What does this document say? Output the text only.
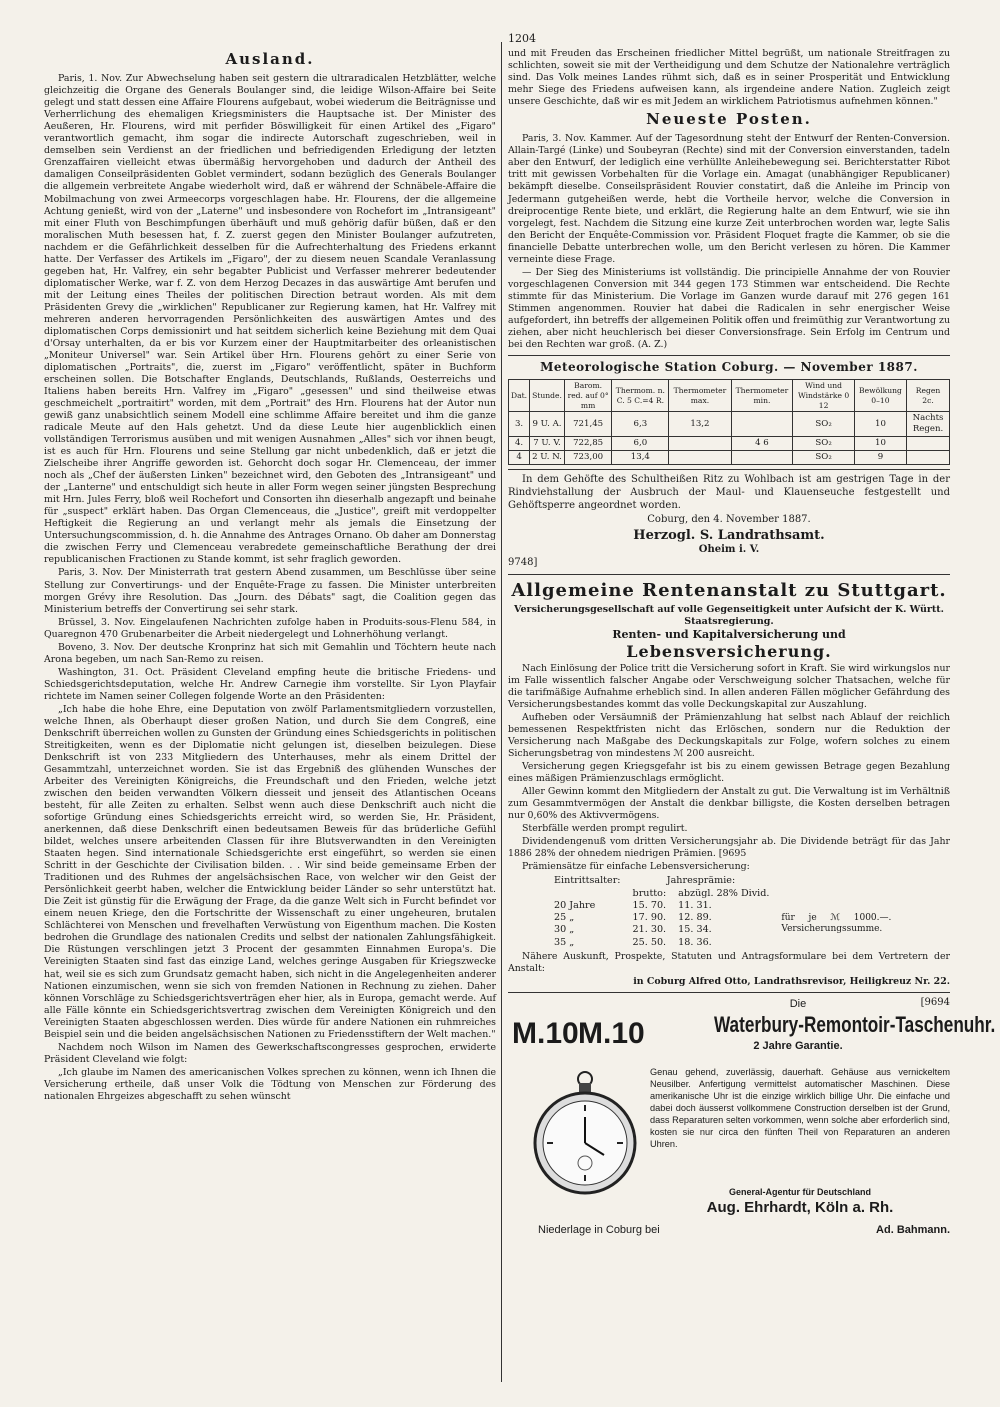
1204
Ausland.

Paris, 1. Nov. Zur Abwechselung haben seit gestern die ultraradicalen Hetzblätter, welche gleichzeitig die Organe des Generals Boulanger sind, die leidige Wilson-Affaire bei Seite gelegt und statt dessen eine Affaire Flourens aufgebaut, wobei wiederum die Beiträgnisse und Verherrlichung des ehemaligen Kriegsministers die Hauptsache ist. Der Minister des Aeußeren, Hr. Flourens, wird mit perfider Böswilligkeit für einen Artikel des „Figaro" verantwortlich gemacht, ihm sogar die indirecte Autorschaft zugeschrieben, weil in demselben sein Verdienst an der friedlichen und befriedigenden Erledigung der letzten Grenzaffairen vielleicht etwas übermäßig hervorgehoben und dadurch der Antheil des damaligen Conseilpräsidenten Goblet vermindert, sodann bezüglich des Generals Boulanger die allgemein verbreitete Angabe wiederholt wird, daß er während der Schnäbele-Affaire die Mobilmachung von zwei Armeecorps vorgeschlagen habe. Hr. Flourens, der die allgemeine Achtung genießt, wird von der „Laterne" und insbesondere von Rochefort im „Intransigeant" mit einer Fluth von Beschimpfungen überhäuft und muß gehörig dafür büßen, daß er den moralischen Muth besessen hat, f. Z. zuerst gegen den Minister Boulanger aufzutreten, nachdem er die Gefährlichkeit desselben für die Aufrechterhaltung des Friedens erkannt hatte. Der Verfasser des Artikels im „Figaro", der zu diesem neuen Scandale Veranlassung gegeben hat, Hr. Valfrey, ein sehr begabter Publicist und Verfasser mehrerer bedeutender diplomatischer Werke, war f. Z. von dem Herzog Decazes in das auswärtige Amt berufen und mit der Leitung eines Theiles der politischen Direction betraut worden. Als mit dem Präsidenten Grevy die „wirklichen" Republicaner zur Regierung kamen, hat Hr. Valfrey mit mehreren anderen hervorragenden Persönlichkeiten des auswärtigen Amtes und des diplomatischen Corps demissionirt und hat seitdem sicherlich keine Beziehung mit dem Quai d'Orsay unterhalten, da er bis vor Kurzem einer der Hauptmitarbeiter des orleanistischen „Moniteur Universel" war. Sein Artikel über Hrn. Flourens gehört zu einer Serie von diplomatischen „Portraits", die, zuerst im „Figaro" veröffentlicht, später in Buchform erscheinen sollen. Die Botschafter Englands, Deutschlands, Rußlands, Oesterreichs und Italiens haben bereits Hrn. Valfrey im „Figaro" „gesessen" und sind theilweise etwas geschmeichelt „portraitirt" worden, mit dem „Portrait" des Hrn. Flourens hat der Autor nun gewiß ganz unabsichtlich seinem Modell eine schlimme Affaire bereitet und ihm die ganze radicale Meute auf den Hals gehetzt. Und da diese Leute hier augenblicklich einen vollständigen Terrorismus ausüben und mit wenigen Ausnahmen „Alles" sich vor ihnen beugt, ist es auch für Hrn. Flourens und seine Stellung gar nicht unbedenklich, daß er jetzt die Zielscheibe ihrer Angriffe geworden ist. Gehorcht doch sogar Hr. Clemenceau, der immer noch als „Chef der äußersten Linken" bezeichnet wird, den Geboten des „Intransigeant" und der „Lanterne" und entschuldigt sich heute in aller Form wegen seiner jüngsten Besprechung mit Hrn. Jules Ferry, bloß weil Rochefort und Consorten ihn dieserhalb angezapft und beinahe für „suspect" erklärt haben. Das Organ Clemenceaus, die „Justice", greift mit verdoppelter Heftigkeit die Regierung an und verlangt mehr als jemals die Einsetzung der Untersuchungscommission, d. h. die Annahme des Antrages Ornano. Ob daher am Donnerstag die zwischen Ferry und Clemenceau verabredete gemeinschaftliche Berathung der drei republicanischen Fractionen zu Stande kommt, ist sehr fraglich geworden.

Paris, 3. Nov. Der Ministerrath trat gestern Abend zusammen, um Beschlüsse über seine Stellung zur Convertirungs- und der Enquête-Frage zu fassen. Die Minister unterbreiten morgen Grévy ihre Resolution. Das „Journ. des Débats" sagt, die Coalition gegen das Ministerium betreffs der Convertirung sei sehr stark.

Brüssel, 3. Nov. Eingelaufenen Nachrichten zufolge haben in Produits-sous-Flenu 584, in Quaregnon 470 Grubenarbeiter die Arbeit niedergelegt und Lohnerhöhung verlangt.

Boveno, 3. Nov. Der deutsche Kronprinz hat sich mit Gemahlin und Töchtern heute nach Arona begeben, um nach San-Remo zu reisen.

Washington, 31. Oct. Präsident Cleveland empfing heute die britische Friedens- und Schiedsgerichtsdeputation, welche Hr. Andrew Carnegie ihm vorstellte. Sir Lyon Playfair richtete im Namen seiner Collegen folgende Worte an den Präsidenten:

„Ich habe die hohe Ehre, eine Deputation von zwölf Parlamentsmitgliedern vorzustellen, welche Ihnen, als Oberhaupt dieser großen Nation, und durch Sie dem Congreß, eine Denkschrift überreichen wollen zu Gunsten der Gründung eines Schiedsgerichts in politischen Streitigkeiten, wenn es der Diplomatie nicht gelungen ist, dieselben beizulegen. Diese Denkschrift ist von 233 Mitgliedern des Unterhauses, mehr als einem Drittel der Gesammtzahl, unterzeichnet worden. Sie ist das Ergebniß des glühenden Wunsches der Arbeiter des Vereinigten Königreichs, die Freundschaft und den Frieden, welche jetzt zwischen den beiden verwandten Völkern diesseit und jenseit des Atlantischen Oceans besteht, für alle Zeiten zu erhalten. Selbst wenn auch diese Denkschrift auch nicht die sofortige Gründung eines Schiedsgerichts erreicht wird, so werden Sie, Hr. Präsident, anerkennen, daß diese Denkschrift einen bedeutsamen Beweis für das brüderliche Gefühl bildet, welches unsere arbeitenden Classen für ihre Blutsverwandten in den Vereinigten Staaten hegen. Sind internationale Schiedsgerichte erst eingeführt, so werden sie einen Schritt in der Geschichte der Civilisation bilden. . . Wir sind beide gemeinsame Erben der Traditionen und des Ruhmes der angelsächsischen Race, von welcher wir den Geist der Persönlichkeit geerbt haben, welcher die Entwicklung beider Länder so sehr unterstützt hat. Die Zeit ist günstig für die Erwägung der Frage, da die ganze Welt sich in Furcht befindet vor einem neuen Kriege, den die Fortschritte der Wissenschaft zu einer ungeheuren, brutalen Schlächterei von Menschen und frevelhaften Verwüstung von Eigenthum machen. Die Kosten bedrohen die Grundlage des nationalen Credits und selbst der nationalen Zahlungsfähigkeit. Die Rüstungen verschlingen jetzt 3 Procent der gesammten Einnahmen Europa's. Die Vereinigten Staaten sind fast das einzige Land, welches geringe Ausgaben für Kriegszwecke hat, weil sie es sich zum Grundsatz gemacht haben, sich nicht in die Angelegenheiten anderer Nationen einzumischen, wenn sie sich von fremden Nationen in Rechnung zu ziehen. Daher können Vorschläge zu Schiedsgerichtsverträgen eher hier, als in Europa, gemacht werde. Auf alle Fälle könnte ein Schiedsgerichtsvertrag zwischen dem Vereinigten Königreich und den Vereinigten Staaten abgeschlossen werden. Dies würde für andere Nationen ein ruhmreiches Beispiel sein und die beiden angelsächsischen Nationen zu Friedensstiftern der Welt machen."

Nachdem noch Wilson im Namen des Gewerkschaftscongresses gesprochen, erwiderte Präsident Cleveland wie folgt:

„Ich glaube im Namen des americanischen Volkes sprechen zu können, wenn ich Ihnen die Versicherung ertheile, daß unser Volk die Tödtung von Menschen zur Förderung des nationalen Ehrgeizes abgeschafft zu sehen wünscht

und mit Freuden das Erscheinen friedlicher Mittel begrüßt, um nationale Streitfragen zu schlichten, soweit sie mit der Vertheidigung und dem Schutze der Nationalehre verträglich sind. Das Volk meines Landes rühmt sich, daß es in seiner Prosperität und Entwicklung mehr Siege des Friedens aufweisen kann, als irgendeine andere Nation. Zugleich zeigt unsere Geschichte, daß wir es mit Jedem an wirklichem Patriotismus aufnehmen können."

Neueste Posten.

Paris, 3. Nov. Kammer. Auf der Tagesordnung steht der Entwurf der Renten-Conversion. Allain-Targé (Linke) und Soubeyran (Rechte) sind mit der Conversion einverstanden, tadeln aber den Entwurf, der lediglich eine verhüllte Anleihebewegung sei. Berichterstatter Ribot tritt mit gewissen Vorbehalten für die Vorlage ein. Amagat (unabhängiger Republicaner) bekämpft dieselbe. Conseilspräsident Rouvier constatirt, daß die Anleihe im Princip von Jedermann gutgeheißen werde, hebt die Vortheile hervor, welche die Conversion in dreiprocentige Rente biete, und erklärt, die Regierung halte an dem Entwurf, wie sie ihn vorgelegt, fest. Nachdem die Sitzung eine kurze Zeit unterbrochen worden war, legte Salis den Bericht der Enquête-Commission vor. Präsident Floquet fragte die Kammer, ob sie die financielle Debatte unterbrechen wolle, um den Bericht verlesen zu hören. Die Kammer verneinte diese Frage.

— Der Sieg des Ministeriums ist vollständig. Die principielle Annahme der von Rouvier vorgeschlagenen Conversion mit 344 gegen 173 Stimmen war entscheidend. Die Rechte stimmte für das Ministerium. Die Vorlage im Ganzen wurde darauf mit 276 gegen 161 Stimmen angenommen. Rouvier hat dabei die Radicalen in sehr energischer Weise aufgefordert, ihn betreffs der allgemeinen Politik offen und freimüthig zur Verantwortung zu ziehen, aber nicht heuchlerisch bei dieser Conversionsfrage. Sein Erfolg im Centrum und bei den Rechten war groß. (A. Z.)

Meteorologische Station Coburg. — November 1887.
Dat.	Stunde.	Barom. red. auf 0° mm	Thermom. n. C. 5 C.=4 R.	Thermometer max.	Thermometer min.	Wind und Windstärke 0 12	Bewölkung 0–10	Regen 2c.
3.	9 U. A.	721,45	6,3	13,2		SO₂	10	Nachts Regen.
4.	7 U. V.	722,85	6,0		4 6	SO₂	10	
4	2 U. N.	723,00	13,4			SO₂	9	

In dem Gehöfte des Schultheißen Ritz zu Wohlbach ist am gestrigen Tage in der Rindviehstallung der Ausbruch der Maul- und Klauenseuche festgestellt und Gehöftsperre angeordnet worden.

Coburg, den 4. November 1887.

Herzogl. S. Landrathsamt.
Oheim i. V.
9748]
Allgemeine Rentenanstalt zu Stuttgart.
Versicherungsgesellschaft auf volle Gegenseitigkeit unter Aufsicht der K. Württ. Staatsregierung.
Renten- und Kapitalversicherung und
Lebensversicherung.

Nach Einlösung der Police tritt die Versicherung sofort in Kraft. Sie wird wirkungslos nur im Falle wissentlich falscher Angabe oder Verschweigung solcher Thatsachen, welche für die tarifmäßige Aufnahme erheblich sind. In allen anderen Fällen möglicher Gefährdung des Versicherungsbestandes kommt das volle Deckungskapital zur Auszahlung.

Aufheben oder Versäumniß der Prämienzahlung hat selbst nach Ablauf der reichlich bemessenen Respektfristen nicht das Erlöschen, sondern nur die Reduktion der Versicherung nach Maßgabe des Deckungskapitals zur Folge, wofern solches zu einem Sicherungsbetrag von mindestens ℳ 200 ausreicht.

Versicherung gegen Kriegsgefahr ist bis zu einem gewissen Betrage gegen Bezahlung eines mäßigen Prämienzuschlags ermöglicht.

Aller Gewinn kommt den Mitgliedern der Anstalt zu gut. Die Verwaltung ist im Verhältniß zum Gesammtvermögen der Anstalt die denkbar billigste, die Kosten derselben betragen nur 0,60% des Aktivvermögens.

Sterbfälle werden prompt regulirt.

Dividendengenuß vom dritten Versicherungsjahr ab. Die Dividende beträgt für das Jahr 1886 28% der ohnedem niedrigen Prämien. [9695

Prämiensätze für einfache Lebensversicherung:

Eintrittsalter:	Jahresprämie:		
	brutto:	abzügl. 28% Divid.	
20 Jahre	15. 70.	11. 31.	für je ℳ 1000.—. Versicherungssumme.
25 „	17. 90.	12. 89.	
30 „	21. 30.	15. 34.	
35 „	25. 50.	18. 36.	

Nähere Auskunft, Prospekte, Statuten und Antragsformulare bei dem Vertretern der Anstalt:

in Coburg Alfred Otto, Landrathsrevisor, Heiligkreuz Nr. 22.

M.10 M.10
Die
Waterbury-Remontoir-Taschenuhr.
2 Jahre Garantie.
[9694
Genau gehend, zuverlässig, dauerhaft. Gehäuse aus vernickeltem Neusilber. Anfertigung vermittelst automatischer Maschinen. Diese amerikanische Uhr ist die einzige wirklich billige Uhr. Die einfache und dabei doch äusserst vollkommene Construction derselben ist der Grund, dass Reparaturen selten vorkommen, wenn solche aber erforderlich sind, kosten sie nur circa den fünften Theil von Reparaturen an anderen Uhren.
General-Agentur für Deutschland
Aug. Ehrhardt, Köln a. Rh.
Niederlage in Coburg bei	Ad. Bahmann.
